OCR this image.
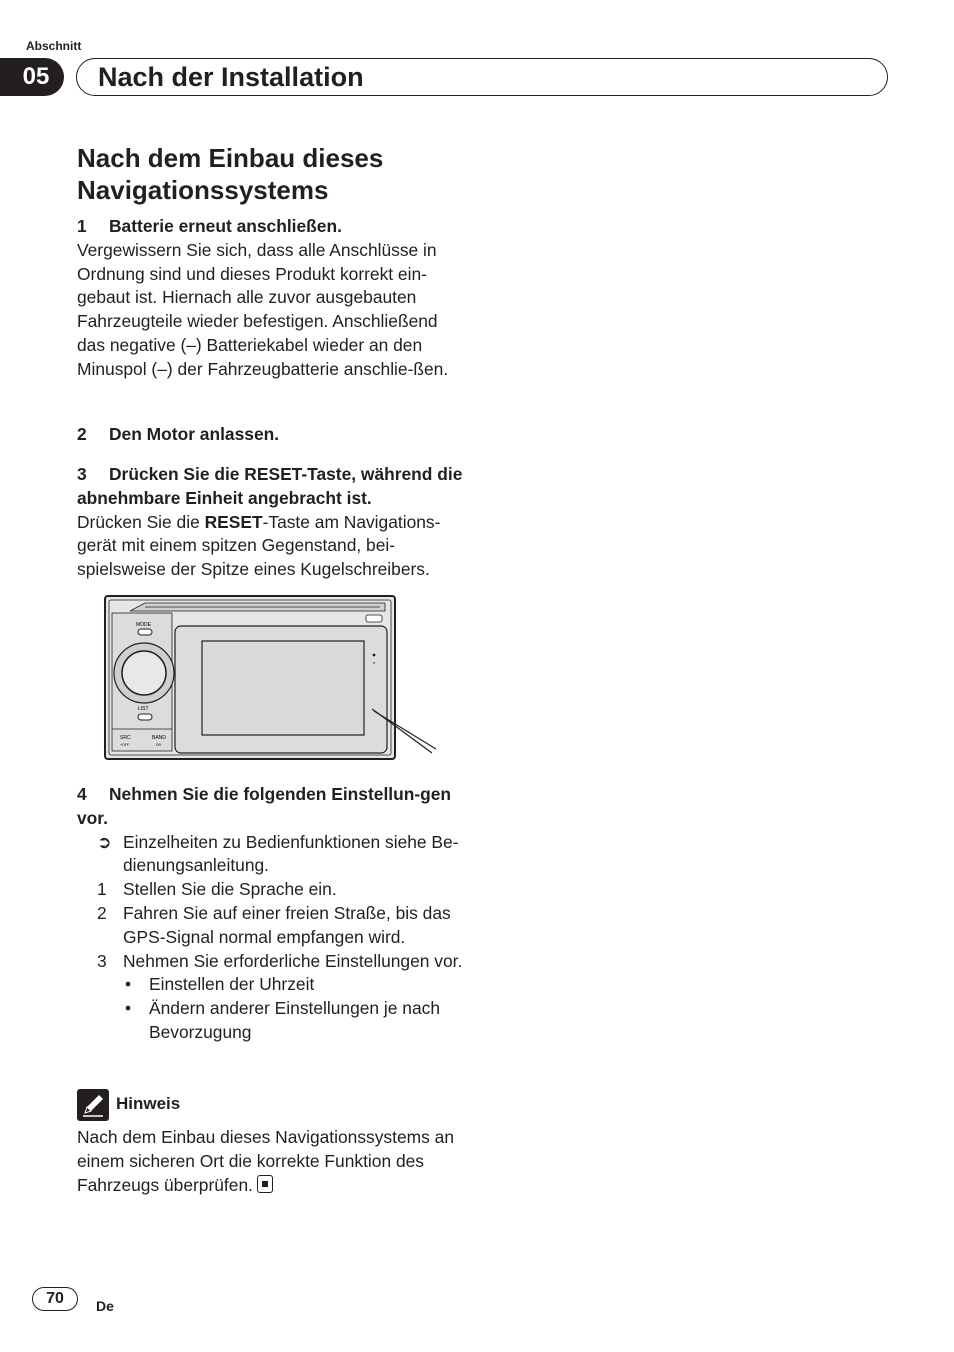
Abschnitt
05	Nach der Installation
Nach dem Einbau dieses Navigationssystems
1 Batterie erneut anschließen.

Vergewissern Sie sich, dass alle Anschlüsse in Ordnung sind und dieses Produkt korrekt ein-gebaut ist. Hiernach alle zuvor ausgebauten Fahrzeugteile wieder befestigen. Anschließend das negative (–) Batteriekabel wieder an den Minuspol (–) der Fahrzeugbatterie anschlie-ßen.

2 Den Motor anlassen.
3 Drücken Sie die RESET-Taste, während die abnehmbare Einheit angebracht ist.

Drücken Sie die RESET-Taste am Navigations-gerät mit einem spitzen Gegenstand, bei-spielsweise der Spitze eines Kugelschreibers.

MODE
LIST
SRC	BAND
+OFF	DR
4 Nehmen Sie die folgenden Einstellun-gen vor.
➲ Einzelheiten zu Bedienfunktionen siehe Be-dienungsanleitung.
1 Stellen Sie die Sprache ein.
2 Fahren Sie auf einer freien Straße, bis das GPS-Signal normal empfangen wird.
3 Nehmen Sie erforderliche Einstellungen vor.
• Einstellen der Uhrzeit
• Ändern anderer Einstellungen je nach Bevorzugung
Hinweis
Nach dem Einbau dieses Navigationssystems an einem sicheren Ort die korrekte Funktion des Fahrzeugs überprüfen.
70	De
